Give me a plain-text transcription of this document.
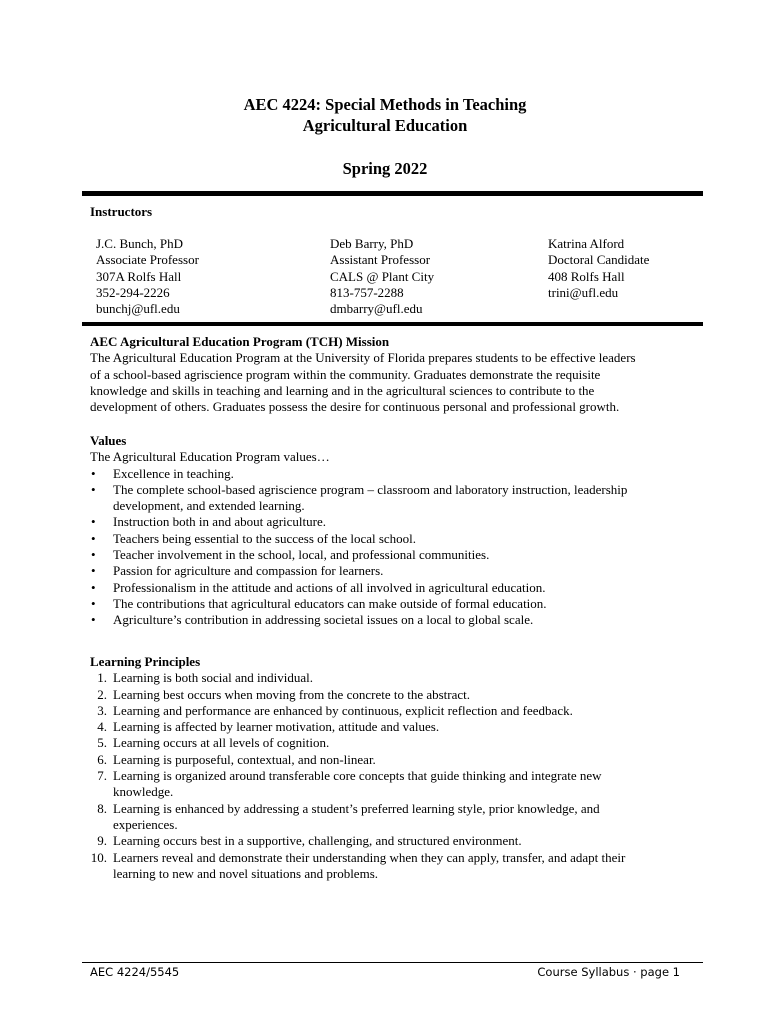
AEC 4224: Special Methods in Teaching
Agricultural Education
Spring 2022
Instructors
J.C. Bunch, PhD
Associate Professor
307A Rolfs Hall
352-294-2226
bunchj@ufl.edu
Deb Barry, PhD
Assistant Professor
CALS @ Plant City
813-757-2288
dmbarry@ufl.edu
Katrina Alford
Doctoral Candidate
408 Rolfs Hall
trini@ufl.edu
AEC Agricultural Education Program (TCH) Mission
The Agricultural Education Program at the University of Florida prepares students to be effective leaders
of a school-based agriscience program within the community. Graduates demonstrate the requisite
knowledge and skills in teaching and learning and in the agricultural sciences to contribute to the
development of others. Graduates possess the desire for continuous personal and professional growth.
Values
The Agricultural Education Program values…
• Excellence in teaching.
• The complete school-based agriscience program – classroom and laboratory instruction, leadership
development, and extended learning.
• Instruction both in and about agriculture.
• Teachers being essential to the success of the local school.
• Teacher involvement in the school, local, and professional communities.
• Passion for agriculture and compassion for learners.
• Professionalism in the attitude and actions of all involved in agricultural education.
• The contributions that agricultural educators can make outside of formal education.
• Agriculture’s contribution in addressing societal issues on a local to global scale.
Learning Principles
1. Learning is both social and individual.
2. Learning best occurs when moving from the concrete to the abstract.
3. Learning and performance are enhanced by continuous, explicit reflection and feedback.
4. Learning is affected by learner motivation, attitude and values.
5. Learning occurs at all levels of cognition.
6. Learning is purposeful, contextual, and non-linear.
7. Learning is organized around transferable core concepts that guide thinking and integrate new
knowledge.
8. Learning is enhanced by addressing a student’s preferred learning style, prior knowledge, and
experiences.
9. Learning occurs best in a supportive, challenging, and structured environment.
10. Learners reveal and demonstrate their understanding when they can apply, transfer, and adapt their
learning to new and novel situations and problems.
AEC 4224/5545	Course Syllabus · page 1
